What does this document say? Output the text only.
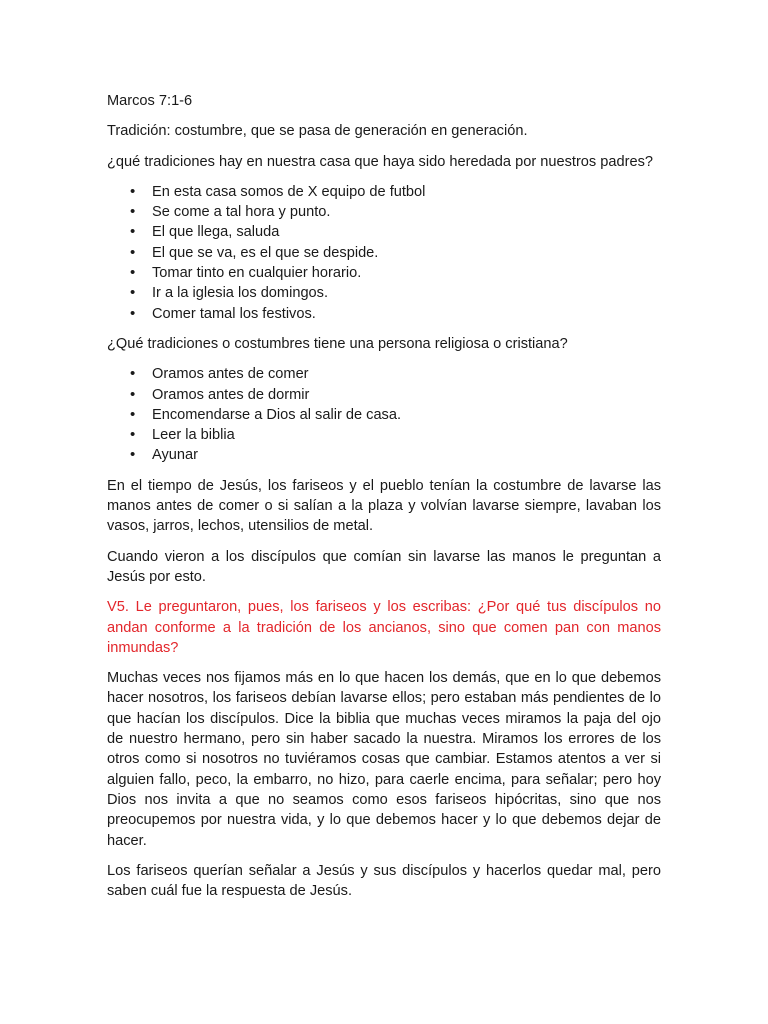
Marcos 7:1-6

Tradición: costumbre, que se pasa de generación en generación.

¿qué tradiciones hay en nuestra casa que haya sido heredada por nuestros padres?

• En esta casa somos de X equipo de futbol
• Se come a tal hora y punto.
• El que llega, saluda
• El que se va, es el que se despide.
• Tomar tinto en cualquier horario.
• Ir a la iglesia los domingos.
• Comer tamal los festivos.

¿Qué tradiciones o costumbres tiene una persona religiosa o cristiana?

• Oramos antes de comer
• Oramos antes de dormir
• Encomendarse a Dios al salir de casa.
• Leer la biblia
• Ayunar

En el tiempo de Jesús, los fariseos y el pueblo tenían la costumbre de lavarse las manos antes de comer o si salían a la plaza y volvían lavarse siempre, lavaban los vasos, jarros, lechos, utensilios de metal.

Cuando vieron a los discípulos que comían sin lavarse las manos le preguntan a Jesús por esto.

V5. Le preguntaron, pues, los fariseos y los escribas: ¿Por qué tus discípulos no andan conforme a la tradición de los ancianos, sino que comen pan con manos inmundas?

Muchas veces nos fijamos más en lo que hacen los demás, que en lo que debemos hacer nosotros, los fariseos debían lavarse ellos; pero estaban más pendientes de lo que hacían los discípulos. Dice la biblia que muchas veces miramos la paja del ojo de nuestro hermano, pero sin haber sacado la nuestra. Miramos los errores de los otros como si nosotros no tuviéramos cosas que cambiar. Estamos atentos a ver si alguien fallo, peco, la embarro, no hizo, para caerle encima, para señalar; pero hoy Dios nos invita a que no seamos como esos fariseos hipócritas, sino que nos preocupemos por nuestra vida, y lo que debemos hacer y lo que debemos dejar de hacer.

Los fariseos querían señalar a Jesús y sus discípulos y hacerlos quedar mal, pero saben cuál fue la respuesta de Jesús.
